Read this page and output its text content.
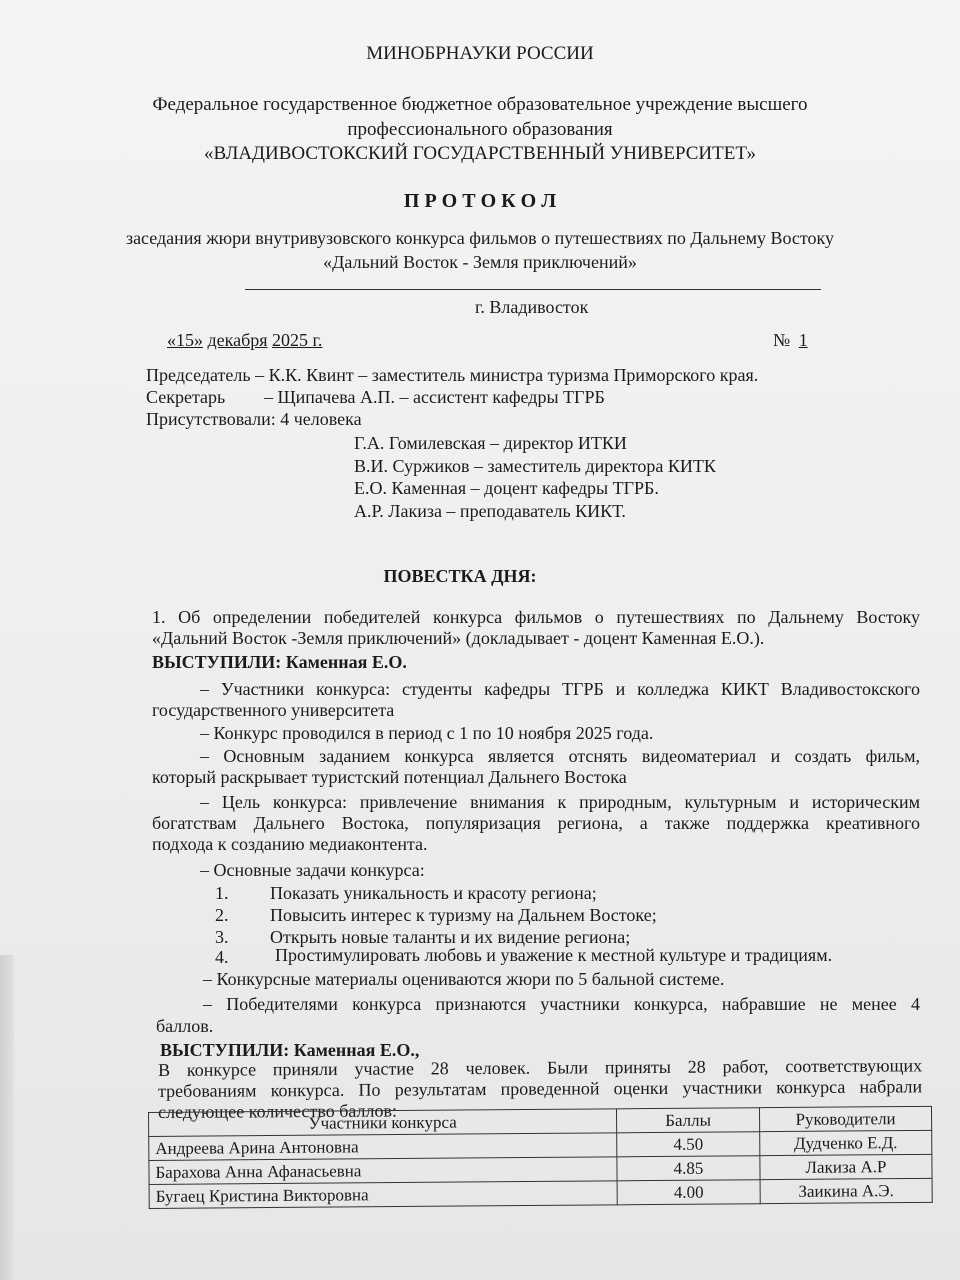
МИНОБРНАУКИ РОССИИ
Федеральное государственное бюджетное образовательное учреждение высшего
профессионального образования
«ВЛАДИВОСТОКСКИЙ ГОСУДАРСТВЕННЫЙ УНИВЕРСИТЕТ»
П Р О Т О К О Л
заседания жюри внутривузовского конкурса фильмов о путешествиях по Дальнему Востоку
«Дальний Восток - Земля приключений»
г. Владивосток
«15» декабря 2025 г.	№ 1
Председатель – К.К. Квинт – заместитель министра туризма Приморского края.
Секретарь – Щипачева А.П. – ассистент кафедры ТГРБ
Присутствовали: 4 человека
Г.А. Гомилевская – директор ИТКИ
В.И. Суржиков – заместитель директора КИТК
Е.О. Каменная – доцент кафедры ТГРБ.
А.Р. Лакиза – преподаватель КИКТ.
ПОВЕСТКА ДНЯ:
1. Об определении победителей конкурса фильмов о путешествиях по Дальнему Востоку
«Дальний Восток -Земля приключений» (докладывает - доцент Каменная Е.О.).
ВЫСТУПИЛИ: Каменная Е.О.
– Участники конкурса: студенты кафедры ТГРБ и колледжа КИКТ Владивостокского
государственного университета
– Конкурс проводился в период с 1 по 10 ноября 2025 года.
– Основным заданием конкурса является отснять видеоматериал и создать фильм,
который раскрывает туристский потенциал Дальнего Востока
– Цель конкурса: привлечение внимания к природным, культурным и историческим
богатствам Дальнего Востока, популяризация региона, а также поддержка креативного
подхода к созданию медиаконтента.
– Основные задачи конкурса:
1. Показать уникальность и красоту региона;
2. Повысить интерес к туризму на Дальнем Востоке;
3. Открыть новые таланты и их видение региона;
4.	Простимулировать любовь и уважение к местной культуре и традициям.
– Конкурсные материалы оцениваются жюри по 5 бальной системе.
– Победителями конкурса признаются участники конкурса, набравшие не менее 4
баллов.
ВЫСТУПИЛИ: Каменная Е.О.,
В конкурсе приняли участие 28 человек. Были приняты 28 работ, соответствующих
требованиям конкурса. По результатам проведенной оценки участники конкурса набрали
следующее количество баллов:
Участники конкурса	Баллы	Руководители
Андреева Арина Антоновна	4.50	Дудченко Е.Д.
Барахова Анна Афанасьевна	4.85	Лакиза А.Р
Бугаец Кристина Викторовна	4.00	Заикина А.Э.
